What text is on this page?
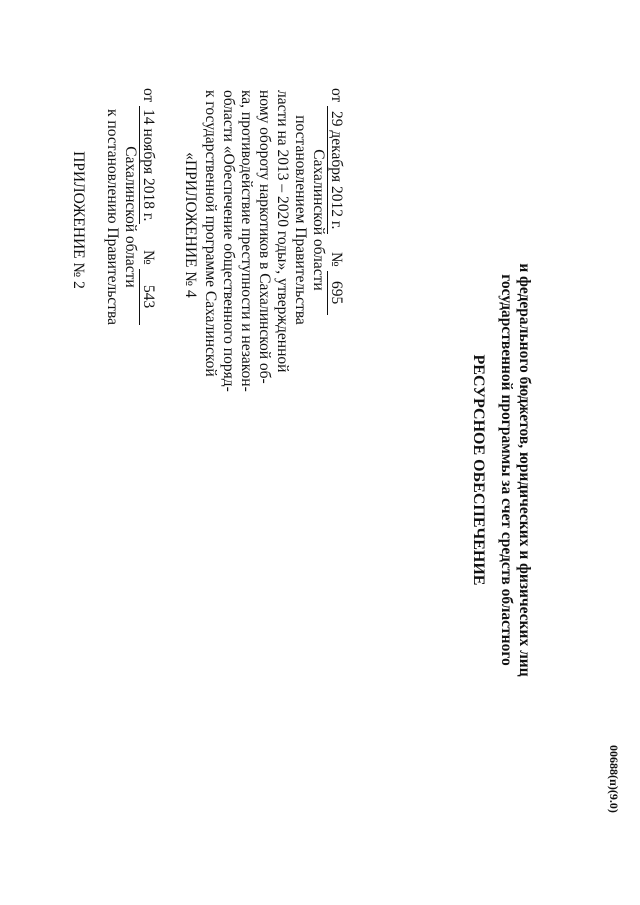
ПРИЛОЖЕНИЕ № 2 к постановлению Правительства Сахалинской области
от 14 ноября 2018 г.  № 543 «ПРИЛОЖЕНИЕ № 4 к государственной программе Сахалинской области «Обеспечение общественного поряд- ка, противодействие преступности и незакон- ному обороту наркотиков в Сахалинской об- ласти на 2013 – 2020 годы», утвержденной постановлением Правительства Сахалинской области
от 29 декабря 2012 г.  № 695
РЕСУРСНОЕ ОБЕСПЕЧЕНИЕ государственной программы за счет средств областного и федерального бюджетов, юридических и физических лиц
00688(п)(9.0)
